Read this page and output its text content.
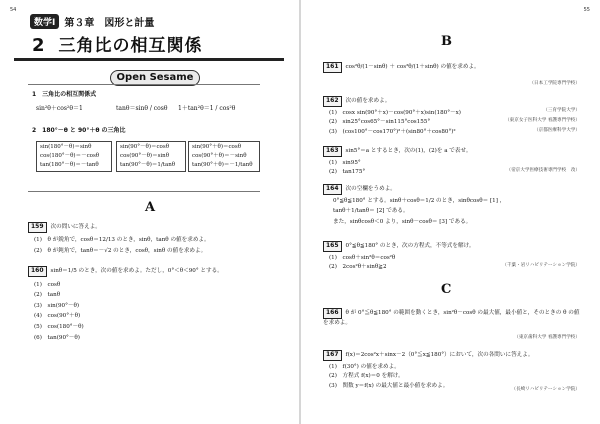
54
数学Ⅰ 第３章　図形と計量
2 三角比の相互関係
Open Sesame
1　三角比の相互関係式
sin²θ＋cos²θ＝1	tanθ＝sinθ / cosθ 1＋tan²θ＝1 / cos²θ
2　180°－θ と 90°＋θ の三角比
sin(180°－θ)＝sinθ
cos(180°－θ)＝－cosθ
tan(180°－θ)＝－tanθ
sin(90°－θ)＝cosθ
cos(90°－θ)＝sinθ
tan(90°－θ)＝1/tanθ
sin(90°＋θ)＝cosθ
cos(90°＋θ)＝－sinθ
tan(90°＋θ)＝－1/tanθ
A
159 次の問いに答えよ。
(1)　θ が鋭角で，cosθ＝12/13 のとき，sinθ，tanθ の値を求めよ。
(2)　θ が鈍角で，tanθ＝－√2 のとき，cosθ，sinθ の値を求めよ。
160 sinθ＝1/5 のとき，次の値を求めよ。ただし，0°＜θ＜90° とする。
(1)　cosθ
(2)　tanθ
(3)　sin(90°－θ)
(4)　cos(90°＋θ)
(5)　cos(180°－θ)
(6)　tan(90°－θ)
55
B
161 cos²θ/(1－sinθ) ＋ cos²θ/(1＋sinθ) の値を求めよ。
（日本工学院専門学校）
162 次の値を求めよ。
(1)　cosx sin(90°＋x)－cos(90°＋x)sin(180°－x)
(2)　sin25°cos65°－sin115°cos155°
(3)　(cos100°－cos170°)²＋(sin80°＋cos80°)²
（三育学院大学）
（東京女子医科大学 看護専門学校）
（京都医療科学大学）
163 sin5°＝a とするとき，次の(1)，(2)を a で表せ。
(1)　sin95°
(2)　tan175°	（帝京大学医療技術専門学校　改）
164 次の空欄をうめよ。
0°≦θ≦180° とする。sinθ＋cosθ＝1/2 のとき，sinθcosθ＝ [1] ，
tanθ＋1/tanθ＝ [2] である。
また，sinθcosθ＜0 より，sinθ－cosθ＝ [3] である。
165 0°≦θ≦180° のとき，次の方程式，不等式を解け。
(1)　cosθ＋sin²θ＝cos²θ
(2)　2cos²θ＋sinθ≧2	（千葉・岩リハビリテーション学院）
C
166 θ が 0°≦θ≦180° の範囲を動くとき，sin²θ－cosθ の最大値，最小値と，そのときの θ の値を求めよ。
（東京歯科大学 看護専門学校）
167 f(x)＝2cos²x＋sinx－2（0°≦x≦180°）において，次の各問いに答えよ。
(1)　f(30°) の値を求めよ。
(2)　方程式 f(x)＝0 を解け。
(3)　関数 y＝f(x) の最大値と最小値を求めよ。
（長崎リハビリテーション学院）
